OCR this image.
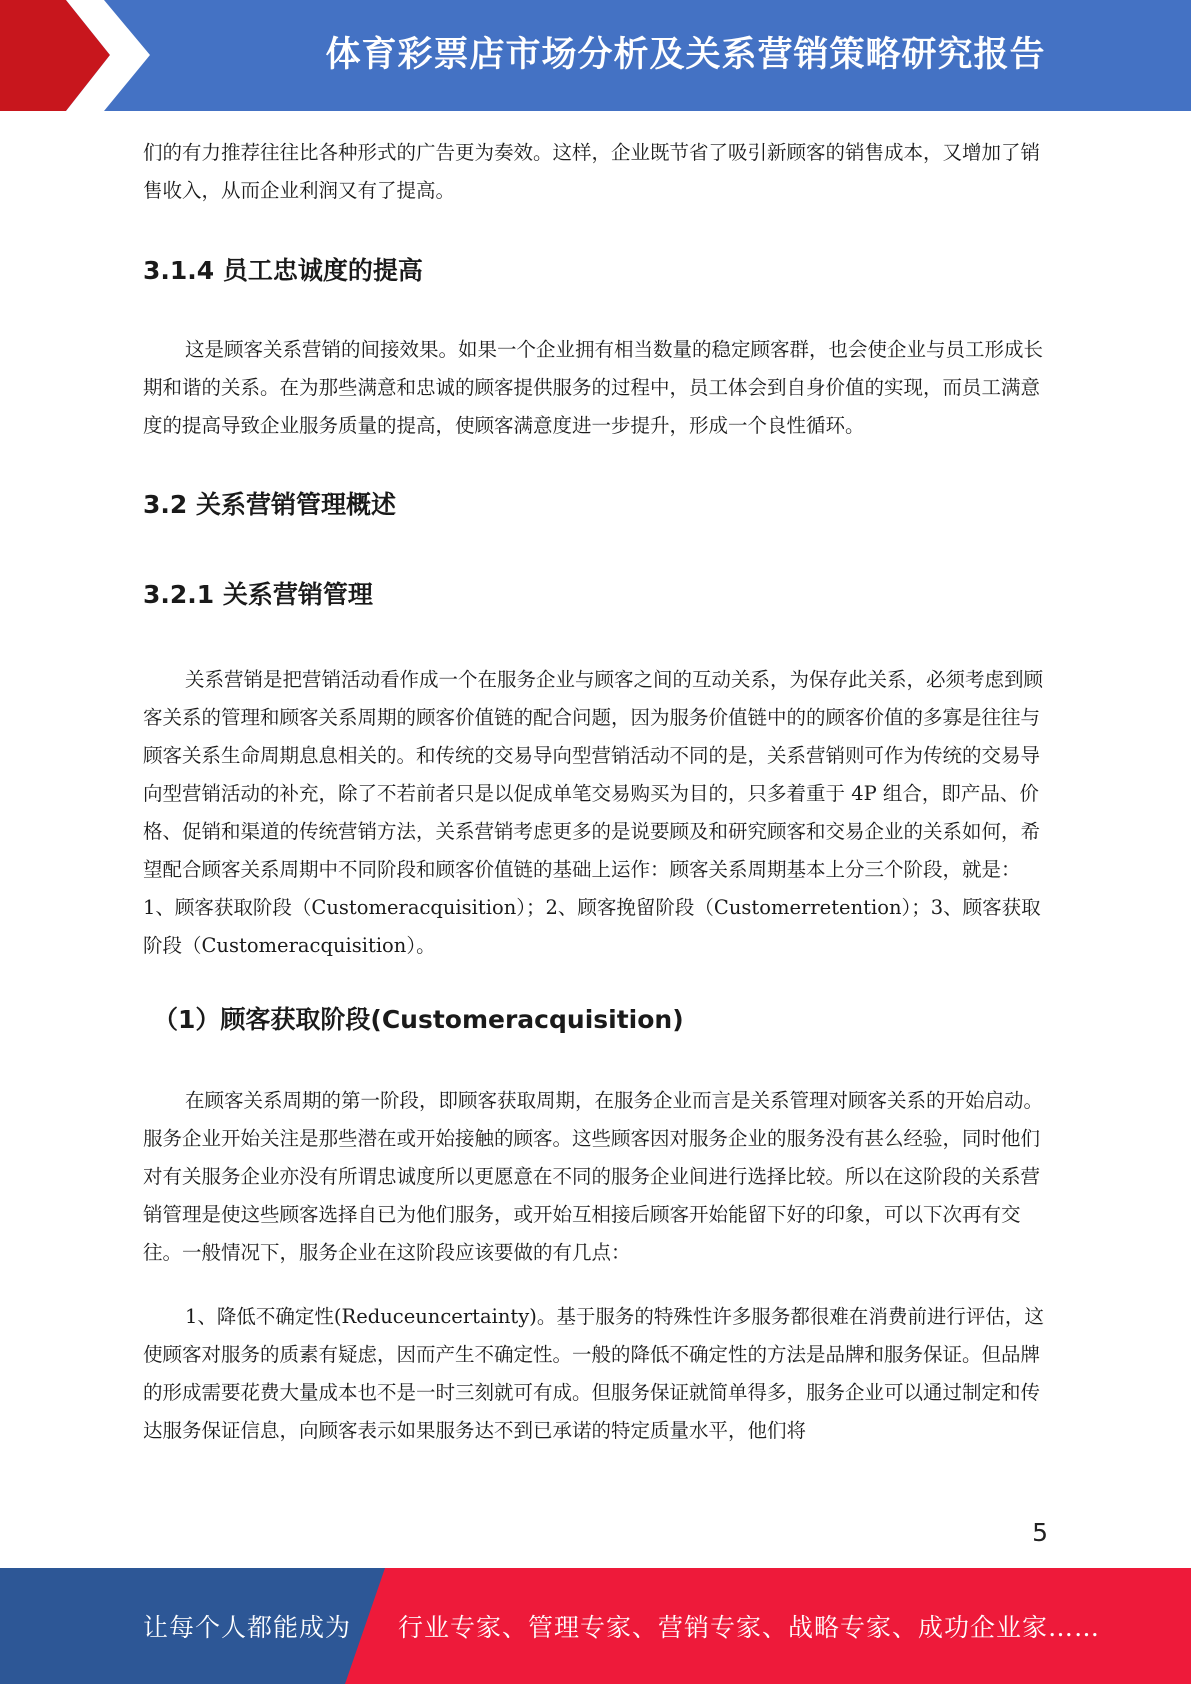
体育彩票店市场分析及关系营销策略研究报告

们的有力推荐往往比各种形式的广告更为奏效。这样，企业既节省了吸引新顾客的销售成本，又增加了销售收入，从而企业利润又有了提高。

3.1.4 员工忠诚度的提高

这是顾客关系营销的间接效果。如果一个企业拥有相当数量的稳定顾客群，也会使企业与员工形成长期和谐的关系。在为那些满意和忠诚的顾客提供服务的过程中，员工体会到自身价值的实现，而员工满意度的提高导致企业服务质量的提高，使顾客满意度进一步提升，形成一个良性循环。

3.2 关系营销管理概述
3.2.1 关系营销管理

关系营销是把营销活动看作成一个在服务企业与顾客之间的互动关系，为保存此关系，必须考虑到顾客关系的管理和顾客关系周期的顾客价值链的配合问题，因为服务价值链中的的顾客价值的多寡是往往与顾客关系生命周期息息相关的。和传统的交易导向型营销活动不同的是，关系营销则可作为传统的交易导向型营销活动的补充，除了不若前者只是以促成单笔交易购买为目的，只多着重于 4P 组合，即产品、价格、促销和渠道的传统营销方法，关系营销考虑更多的是说要顾及和研究顾客和交易企业的关系如何，希望配合顾客关系周期中不同阶段和顾客价值链的基础上运作：顾客关系周期基本上分三个阶段，就是：1、顾客获取阶段（Customeracquisition）；2、顾客挽留阶段（Customerretention）；3、顾客获取阶段（Customeracquisition）。

（1）顾客获取阶段(Customeracquisition)

在顾客关系周期的第一阶段，即顾客获取周期，在服务企业而言是关系管理对顾客关系的开始启动。服务企业开始关注是那些潜在或开始接触的顾客。这些顾客因对服务企业的服务没有甚么经验，同时他们对有关服务企业亦没有所谓忠诚度所以更愿意在不同的服务企业间进行选择比较。所以在这阶段的关系营销管理是使这些顾客选择自已为他们服务，或开始互相接后顾客开始能留下好的印象，可以下次再有交往。一般情况下，服务企业在这阶段应该要做的有几点：

1、降低不确定性(Reduceuncertainty)。基于服务的特殊性许多服务都很难在消费前进行评估，这使顾客对服务的质素有疑虑，因而产生不确定性。一般的降低不确定性的方法是品牌和服务保证。但品牌的形成需要花费大量成本也不是一时三刻就可有成。但服务保证就简单得多，服务企业可以通过制定和传达服务保证信息，向顾客表示如果服务达不到已承诺的特定质量水平，他们将

5
让每个人都能成为 行业专家、管理专家、营销专家、战略专家、成功企业家……
